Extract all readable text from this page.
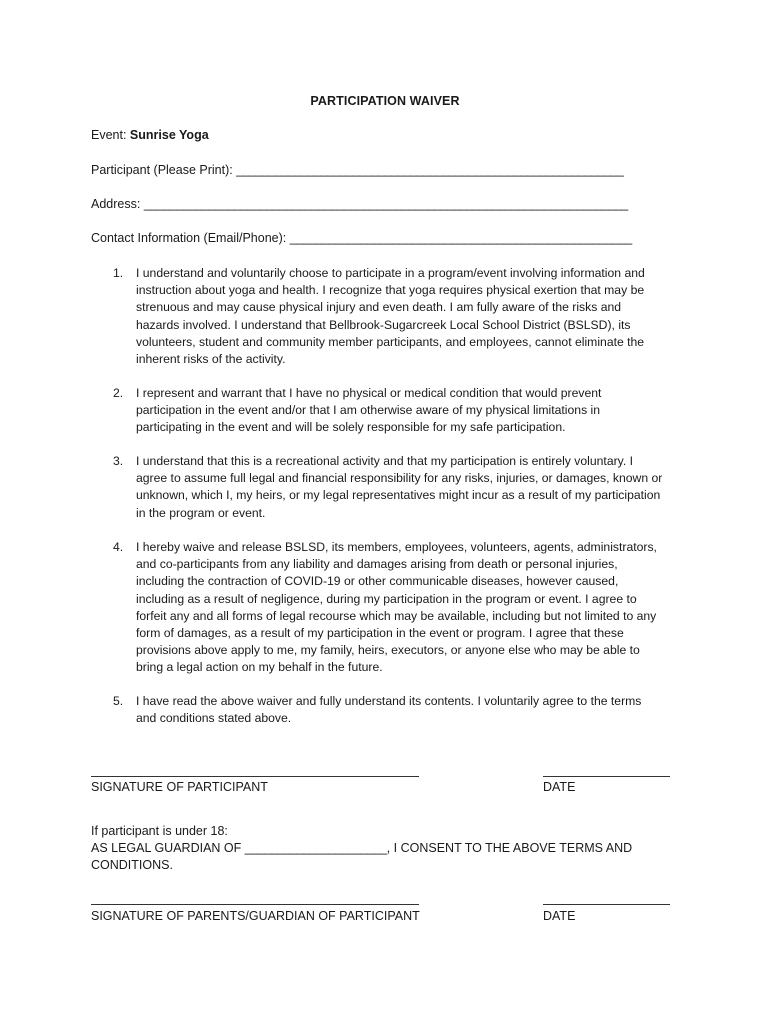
PARTICIPATION WAIVER
Event: Sunrise Yoga
Participant (Please Print): ____________________________________________________________
Address: ___________________________________________________________________________
Contact Information (Email/Phone): _____________________________________________________
1. I understand and voluntarily choose to participate in a program/event involving information and
instruction about yoga and health. I recognize that yoga requires physical exertion that may be
strenuous and may cause physical injury and even death. I am fully aware of the risks and
hazards involved. I understand that Bellbrook-Sugarcreek Local School District (BSLSD), its
volunteers, student and community member participants, and employees, cannot eliminate the
inherent risks of the activity.
2. I represent and warrant that I have no physical or medical condition that would prevent
participation in the event and/or that I am otherwise aware of my physical limitations in
participating in the event and will be solely responsible for my safe participation.
3. I understand that this is a recreational activity and that my participation is entirely voluntary. I
agree to assume full legal and financial responsibility for any risks, injuries, or damages, known or
unknown, which I, my heirs, or my legal representatives might incur as a result of my participation
in the program or event.
4. I hereby waive and release BSLSD, its members, employees, volunteers, agents, administrators,
and co-participants from any liability and damages arising from death or personal injuries,
including the contraction of COVID-19 or other communicable diseases, however caused,
including as a result of negligence, during my participation in the program or event. I agree to
forfeit any and all forms of legal recourse which may be available, including but not limited to any
form of damages, as a result of my participation in the event or program. I agree that these
provisions above apply to me, my family, heirs, executors, or anyone else who may be able to
bring a legal action on my behalf in the future.
5. I have read the above waiver and fully understand its contents. I voluntarily agree to the terms
and conditions stated above.
SIGNATURE OF PARTICIPANT	DATE
If participant is under 18:
AS LEGAL GUARDIAN OF ______________________, I CONSENT TO THE ABOVE TERMS AND
CONDITIONS.
SIGNATURE OF PARENTS/GUARDIAN OF PARTICIPANT	DATE
